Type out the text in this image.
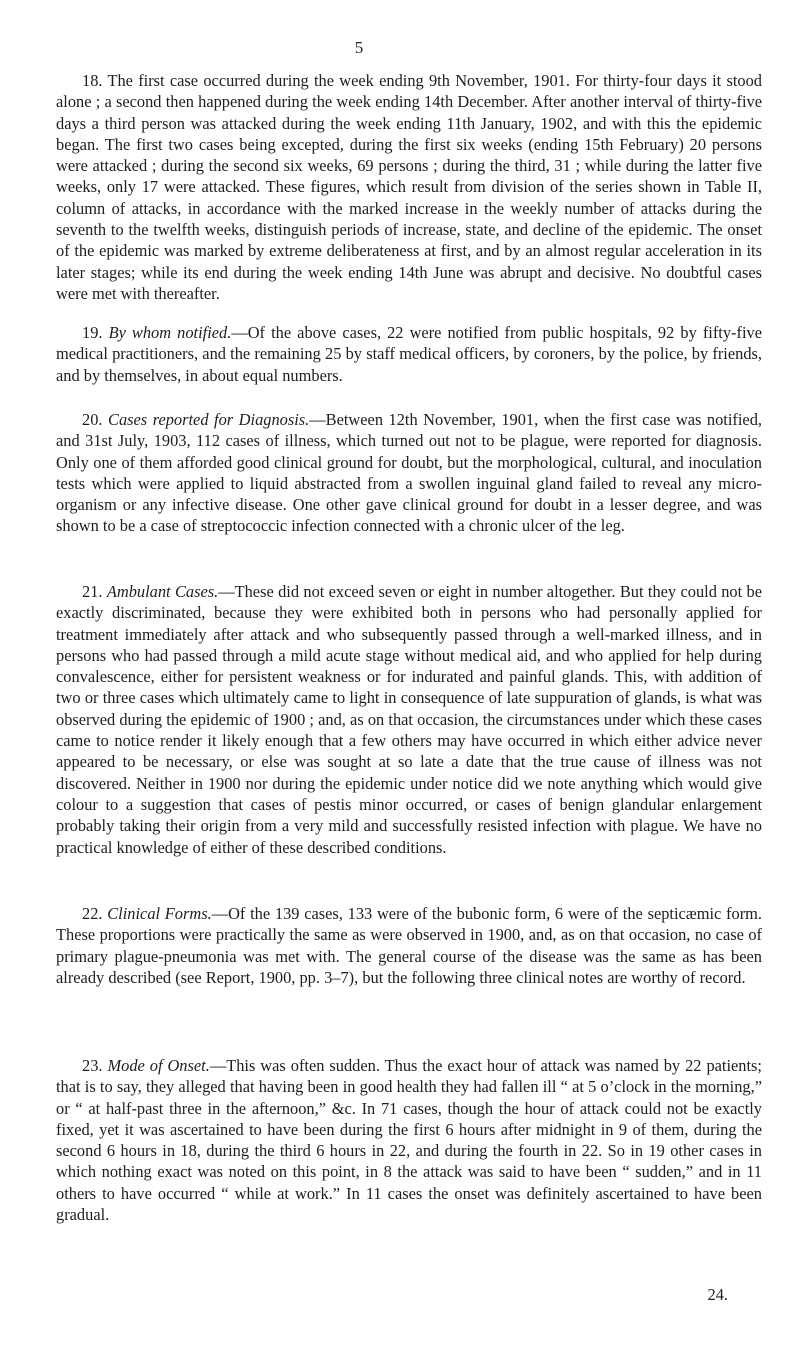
5

18. The first case occurred during the week ending 9th November, 1901. For thirty-four days it stood alone ; a second then happened during the week ending 14th December. After another interval of thirty-five days a third person was attacked during the week ending 11th January, 1902, and with this the epidemic began. The first two cases being excepted, during the first six weeks (ending 15th February) 20 persons were attacked ; during the second six weeks, 69 persons ; during the third, 31 ; while during the latter five weeks, only 17 were attacked. These figures, which result from division of the series shown in Table II, column of attacks, in accordance with the marked increase in the weekly number of attacks during the seventh to the twelfth weeks, distinguish periods of increase, state, and decline of the epidemic. The onset of the epidemic was marked by extreme deliberateness at first, and by an almost regular acceleration in its later stages; while its end during the week ending 14th June was abrupt and decisive. No doubtful cases were met with thereafter.

19. By whom notified.—Of the above cases, 22 were notified from public hospitals, 92 by fifty-five medical practitioners, and the remaining 25 by staff medical officers, by coroners, by the police, by friends, and by themselves, in about equal numbers.

20. Cases reported for Diagnosis.—Between 12th November, 1901, when the first case was notified, and 31st July, 1903, 112 cases of illness, which turned out not to be plague, were reported for diagnosis. Only one of them afforded good clinical ground for doubt, but the morphological, cultural, and inoculation tests which were applied to liquid abstracted from a swollen inguinal gland failed to reveal any micro-organism or any infective disease. One other gave clinical ground for doubt in a lesser degree, and was shown to be a case of streptococcic infection connected with a chronic ulcer of the leg.

21. Ambulant Cases.—These did not exceed seven or eight in number altogether. But they could not be exactly discriminated, because they were exhibited both in persons who had personally applied for treatment immediately after attack and who subsequently passed through a well-marked illness, and in persons who had passed through a mild acute stage without medical aid, and who applied for help during convalescence, either for persistent weakness or for indurated and painful glands. This, with addition of two or three cases which ultimately came to light in consequence of late suppuration of glands, is what was observed during the epidemic of 1900 ; and, as on that occasion, the circumstances under which these cases came to notice render it likely enough that a few others may have occurred in which either advice never appeared to be necessary, or else was sought at so late a date that the true cause of illness was not discovered. Neither in 1900 nor during the epidemic under notice did we note anything which would give colour to a suggestion that cases of pestis minor occurred, or cases of benign glandular enlargement probably taking their origin from a very mild and successfully resisted infection with plague. We have no practical knowledge of either of these described conditions.

22. Clinical Forms.—Of the 139 cases, 133 were of the bubonic form, 6 were of the septicæmic form. These proportions were practically the same as were observed in 1900, and, as on that occasion, no case of primary plague-pneumonia was met with. The general course of the disease was the same as has been already described (see Report, 1900, pp. 3–7), but the following three clinical notes are worthy of record.

23. Mode of Onset.—This was often sudden. Thus the exact hour of attack was named by 22 patients; that is to say, they alleged that having been in good health they had fallen ill “ at 5 o’clock in the morning,” or “ at half-past three in the afternoon,” &c. In 71 cases, though the hour of attack could not be exactly fixed, yet it was ascertained to have been during the first 6 hours after midnight in 9 of them, during the second 6 hours in 18, during the third 6 hours in 22, and during the fourth in 22. So in 19 other cases in which nothing exact was noted on this point, in 8 the attack was said to have been “ sudden,” and in 11 others to have occurred “ while at work.” In 11 cases the onset was definitely ascertained to have been gradual.

24.
